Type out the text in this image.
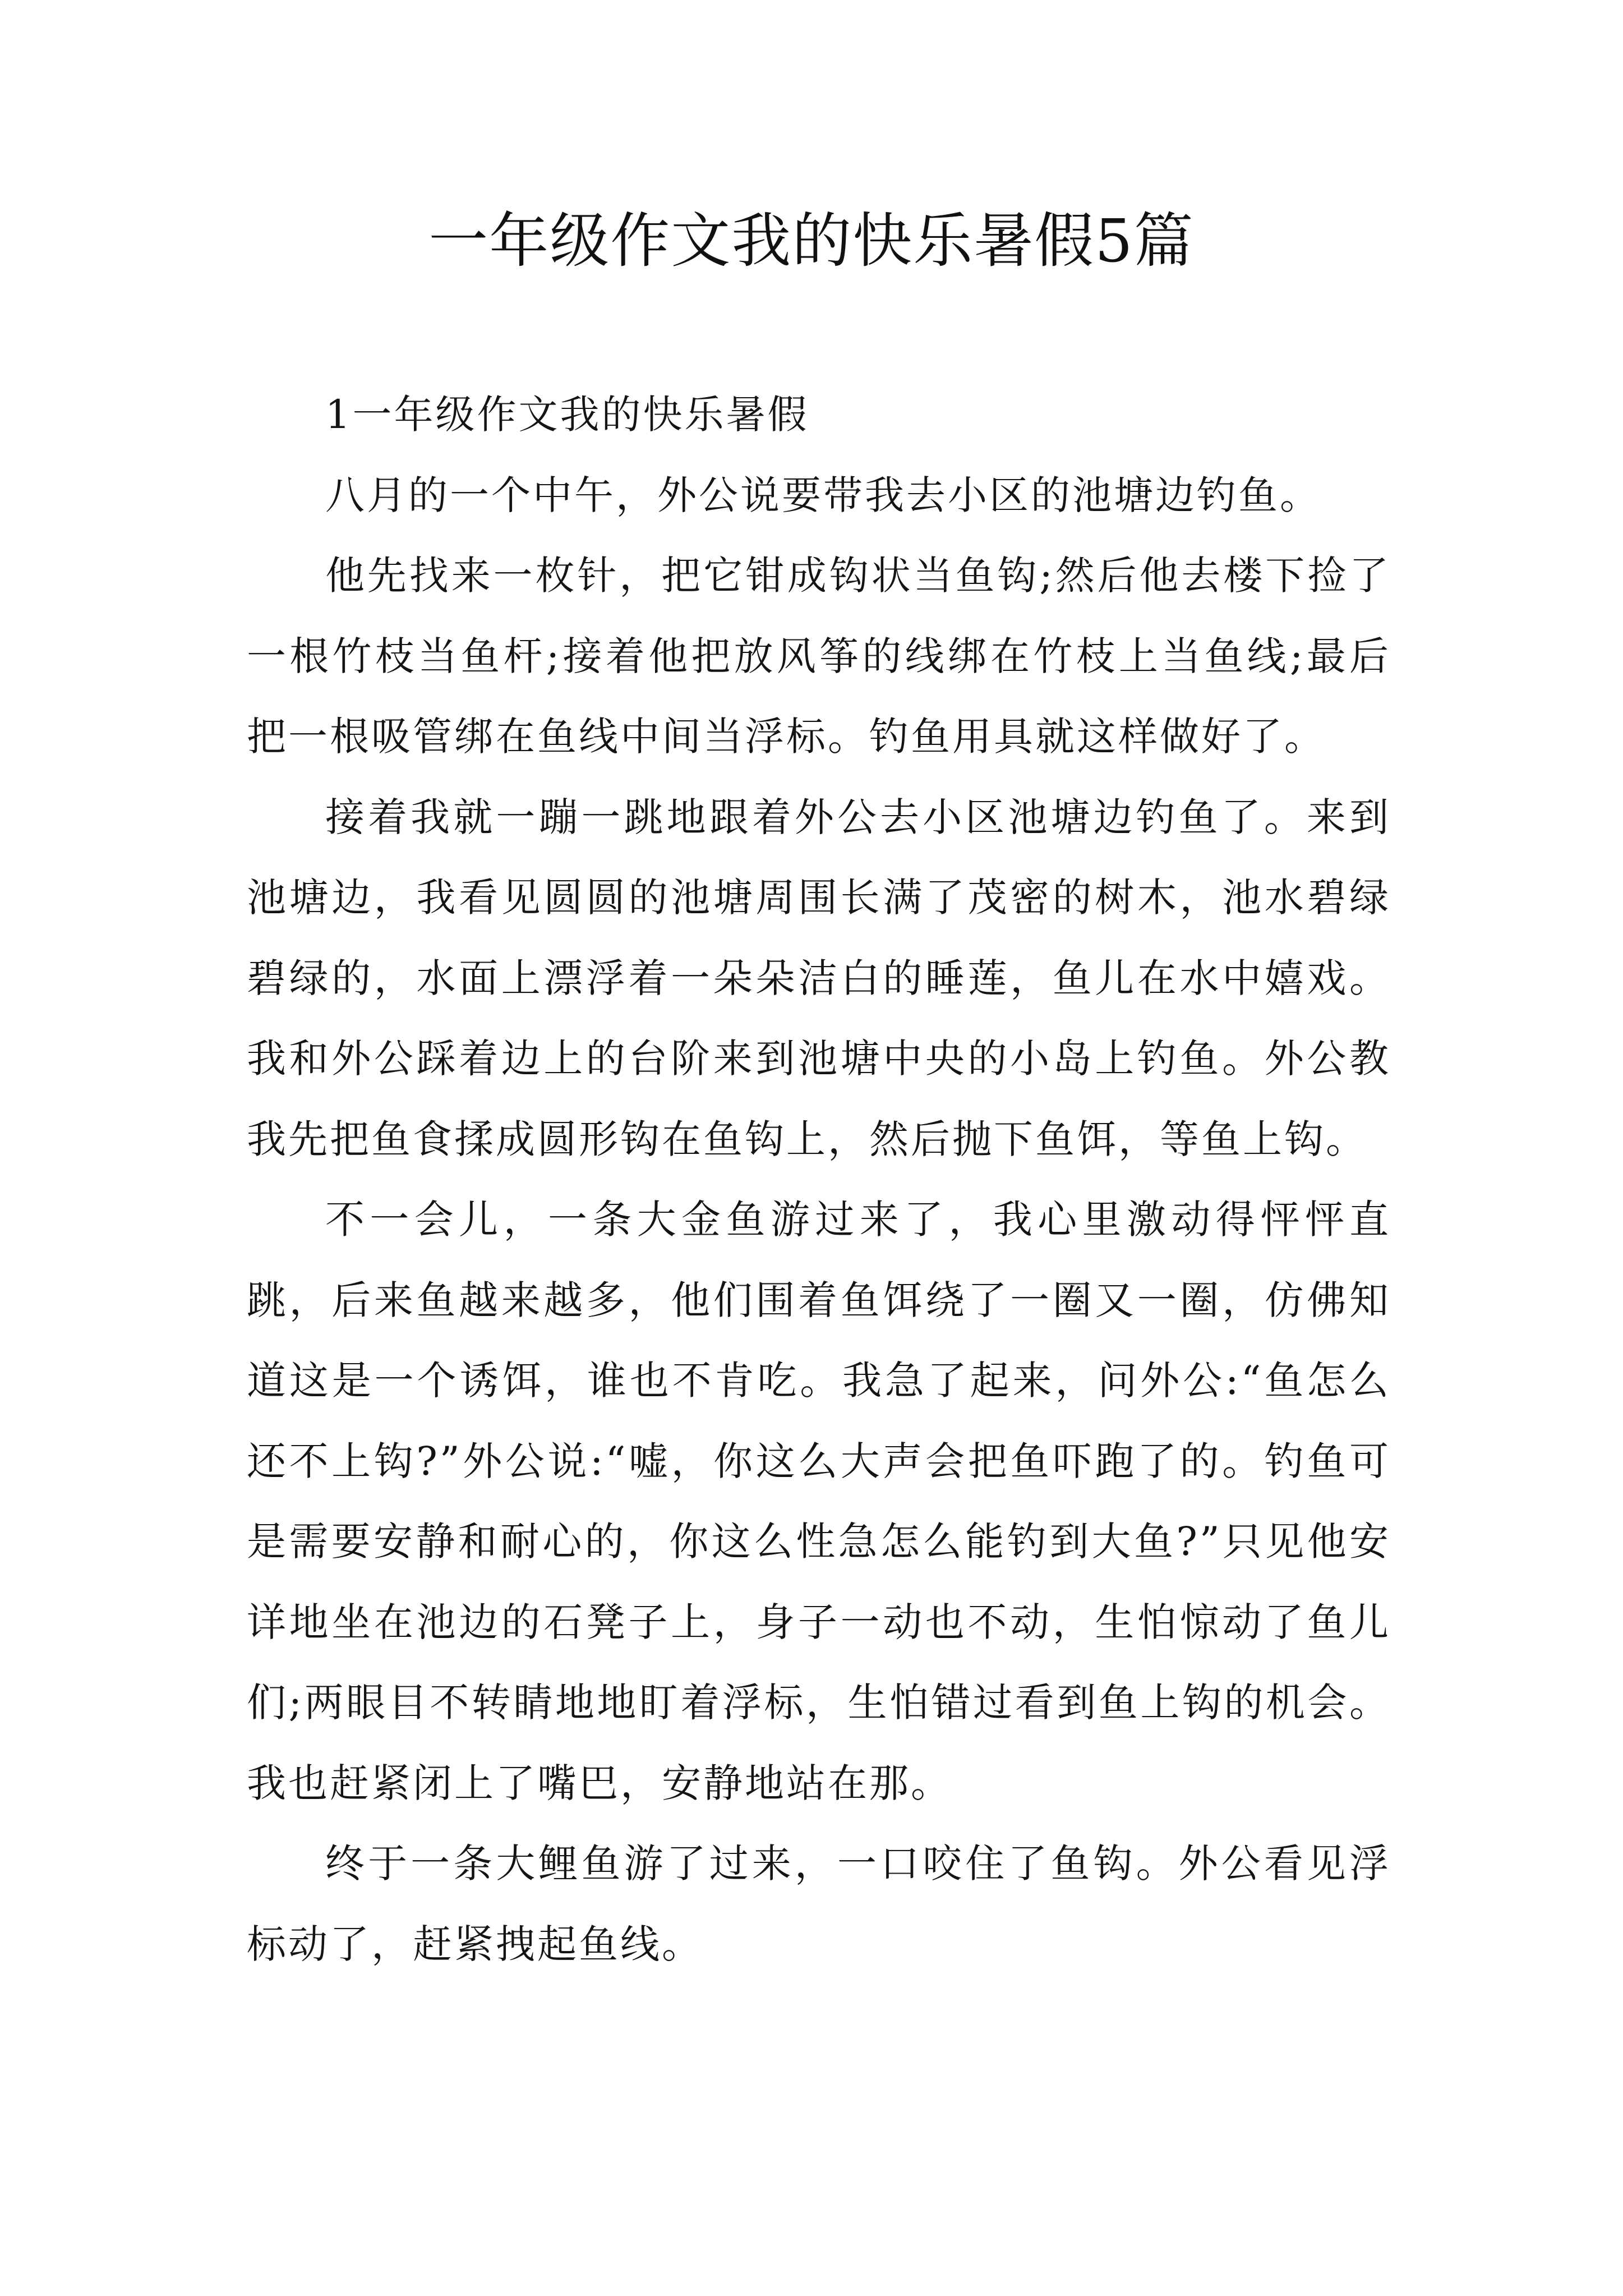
一年级作文我的快乐暑假5篇

1一年级作文我的快乐暑假

八月的一个中午，外公说要带我去小区的池塘边钓鱼。

他先找来一枚针，把它钳成钩状当鱼钩;然后他去楼下捡了一根竹枝当鱼杆;接着他把放风筝的线绑在竹枝上当鱼线;最后把一根吸管绑在鱼线中间当浮标。钓鱼用具就这样做好了。

接着我就一蹦一跳地跟着外公去小区池塘边钓鱼了。来到池塘边，我看见圆圆的池塘周围长满了茂密的树木，池水碧绿碧绿的，水面上漂浮着一朵朵洁白的睡莲，鱼儿在水中嬉戏。我和外公踩着边上的台阶来到池塘中央的小岛上钓鱼。外公教我先把鱼食揉成圆形钩在鱼钩上，然后抛下鱼饵，等鱼上钩。

不一会儿，一条大金鱼游过来了，我心里激动得怦怦直跳，后来鱼越来越多，他们围着鱼饵绕了一圈又一圈，仿佛知道这是一个诱饵，谁也不肯吃。我急了起来，问外公:“鱼怎么还不上钩?”外公说:“嘘，你这么大声会把鱼吓跑了的。钓鱼可是需要安静和耐心的，你这么性急怎么能钓到大鱼?”只见他安详地坐在池边的石凳子上，身子一动也不动，生怕惊动了鱼儿们;两眼目不转睛地地盯着浮标，生怕错过看到鱼上钩的机会。我也赶紧闭上了嘴巴，安静地站在那。

终于一条大鲤鱼游了过来，一口咬住了鱼钩。外公看见浮标动了，赶紧拽起鱼线。
